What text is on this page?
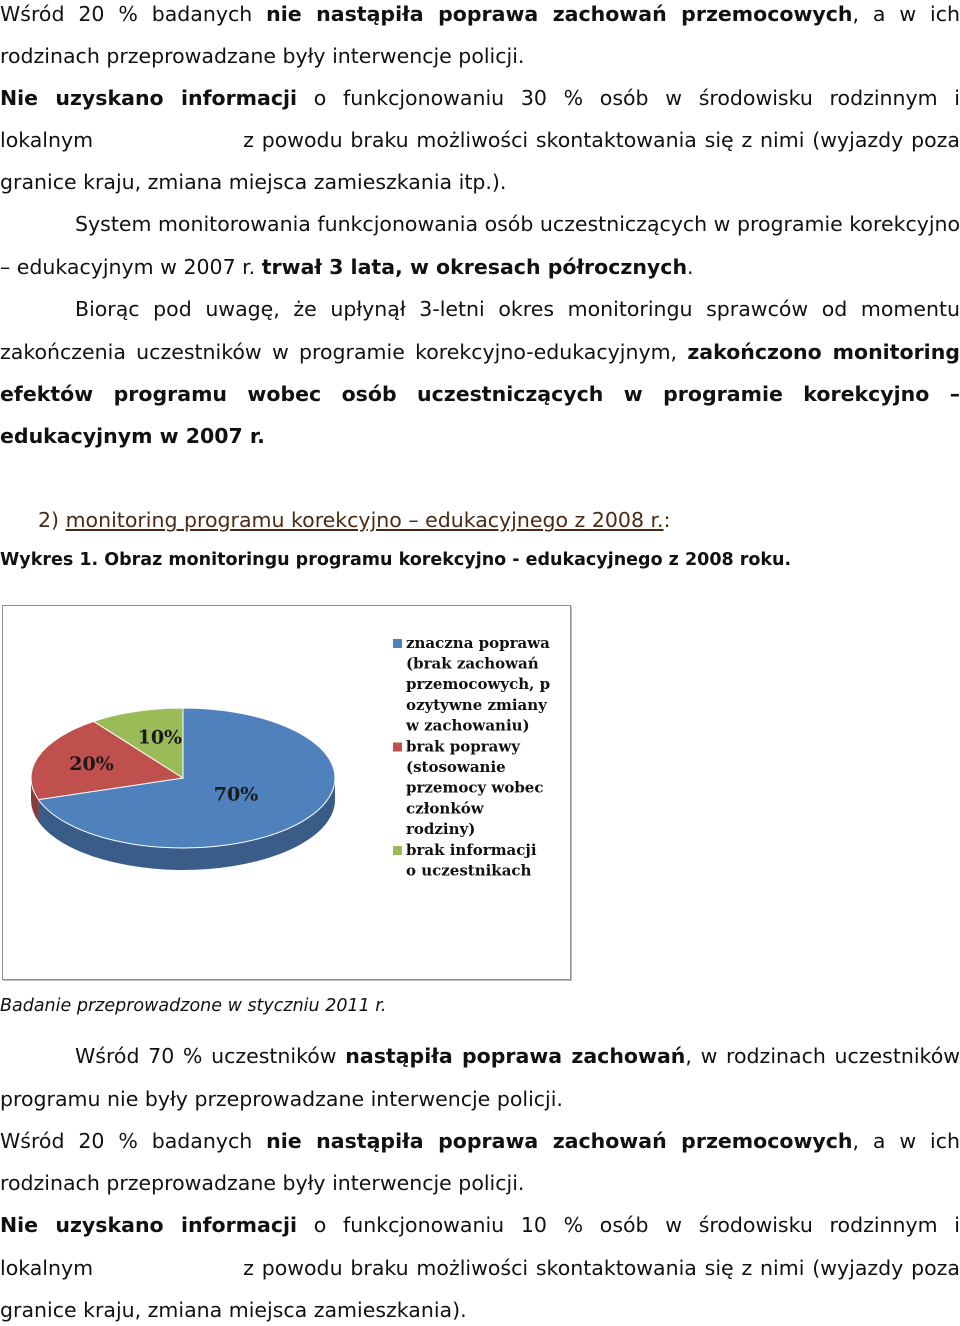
Wśród 20 % badanych nie nastąpiła poprawa zachowań przemocowych, a w ich
rodzinach przeprowadzane były interwencje policji.
Nie uzyskano informacji o funkcjonowaniu 30 % osób w środowisku rodzinnym i
lokalnym	z powodu braku możliwości skontaktowania się z nimi (wyjazdy poza
granice kraju, zmiana miejsca zamieszkania itp.).
System monitorowania funkcjonowania osób uczestniczących w programie korekcyjno
– edukacyjnym w 2007 r. trwał 3 lata, w okresach półrocznych.
Biorąc pod uwagę, że upłynął 3-letni okres monitoringu sprawców od momentu
zakończenia uczestników w programie korekcyjno-edukacyjnym, zakończono monitoring
efektów programu wobec osób uczestniczących w programie korekcyjno –
edukacyjnym w 2007 r.
2) monitoring programu korekcyjno – edukacyjnego z 2008 r.:
Wykres 1. Obraz monitoringu programu korekcyjno - edukacyjnego z 2008 roku.
70%
20%
10%
znaczna poprawa
(brak zachowań
przemocowych, p
ozytywne zmiany
w zachowaniu)
brak poprawy
(stosowanie
przemocy wobec
członków
rodziny)
brak informacji
o uczestnikach
Badanie przeprowadzone w styczniu 2011 r.
Wśród 70 % uczestników nastąpiła poprawa zachowań, w rodzinach uczestników
programu nie były przeprowadzane interwencje policji.
Wśród 20 % badanych nie nastąpiła poprawa zachowań przemocowych, a w ich
rodzinach przeprowadzane były interwencje policji.
Nie uzyskano informacji o funkcjonowaniu 10 % osób w środowisku rodzinnym i
lokalnym	z powodu braku możliwości skontaktowania się z nimi (wyjazdy poza
granice kraju, zmiana miejsca zamieszkania).
